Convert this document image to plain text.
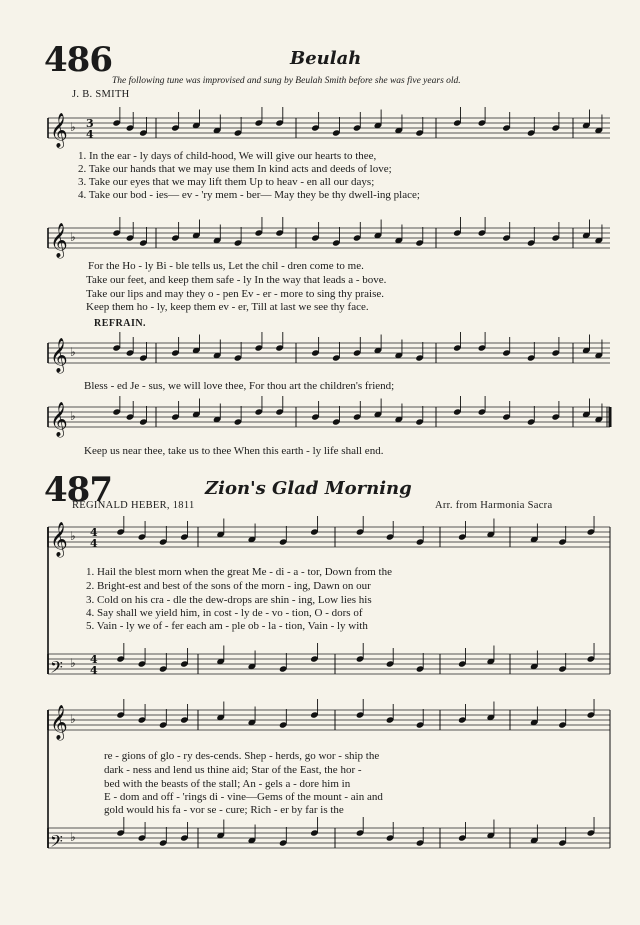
486	Beulah
The following tune was improvised and sung by Beulah Smith before she was five years old.
J. B. SMITH
1. In the ear - ly days of child-hood, We will give our hearts to thee,
2. Take our hands that we may use them In kind acts and deeds of love;
3. Take our eyes that we may lift them Up to heav - en all our days;
4. Take our bod - ies— ev - 'ry mem - ber— May they be thy dwell-ing place;
For the Ho - ly Bi - ble tells us, Let the chil - dren come to me.
Take our feet, and keep them safe - ly In the way that leads a - bove.
Take our lips and may they o - pen Ev - er - more to sing thy praise.
Keep them ho - ly, keep them ev - er, Till at last we see thy face.
REFRAIN.
Bless - ed Je - sus, we will love thee, For thou art the children's friend;
Keep us near thee, take us to thee When this earth - ly life shall end.
487	Zion's Glad Morning
REGINALD HEBER, 1811	Arr. from Harmonia Sacra
1. Hail the blest morn when the great Me - di - a - tor, Down from the
2. Bright-est and best of the sons of the morn - ing, Dawn on our
3. Cold on his cra - dle the dew-drops are shin - ing, Low lies his
4. Say shall we yield him, in cost - ly de - vo - tion, O - dors of
5. Vain - ly we of - fer each am - ple ob - la - tion, Vain - ly with
re - gions of glo - ry des-cends. Shep - herds, go wor - ship the
dark - ness and lend us thine aid; Star of the East, the hor -
bed with the beasts of the stall; An - gels a - dore him in
E - dom and off - 'rings di - vine—Gems of the mount - ain and
gold would his fa - vor se - cure; Rich - er by far is the
𝄞 ♭
𝄞 ♭
𝄞 ♭
𝄞 ♭
3
4
𝄞 ♭
𝄢 ♭
𝄞 ♭
𝄢 ♭
4
4
4
4
